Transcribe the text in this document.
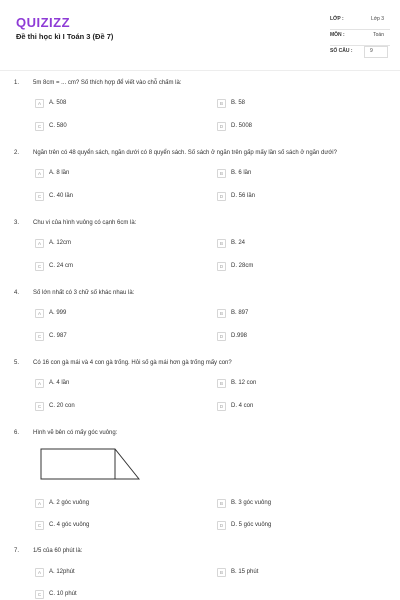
QUIZIZZ
Đề thi học kì I Toán 3 (Đề 7)
LỚP :	Lớp 3
MÔN :	Toán
SỐ CÂU :	9
1. 5m 8cm = ... cm? Số thích hợp để viết vào chỗ chấm là:
A	A. 508	B	B. 58
C	C. 580	D	D. 5008
2. Ngăn trên có 48 quyển sách, ngăn dưới có 8 quyển sách. Số sách ở ngăn trên gấp mấy lần số sách ở ngăn dưới?
A	A. 8 lần	B	B. 6 lần
C	C. 40 lần	D	D. 56 lần
3. Chu vi của hình vuông có cạnh 6cm là:
A	A. 12cm	B	B. 24
C	C. 24 cm	D	D. 28cm
4. Số lớn nhất có 3 chữ số khác nhau là:
A	A. 999	B	B. 897
C	C. 987	D	D.998
5. Có 16 con gà mái và 4 con gà trống. Hỏi số gà mái hơn gà trống mấy con?
A	A. 4 lần	B	B. 12 con
C	C. 20 con	D	D. 4 con
6. Hình vẽ bên có mấy góc vuông:
A	A. 2 góc vuông	B	B. 3 góc vuông
C	C. 4 góc vuông	D	D. 5 góc vuông
7. 1/5 của 60 phút là:
A	A. 12phút	B	B. 15 phút
C	C. 10 phút
